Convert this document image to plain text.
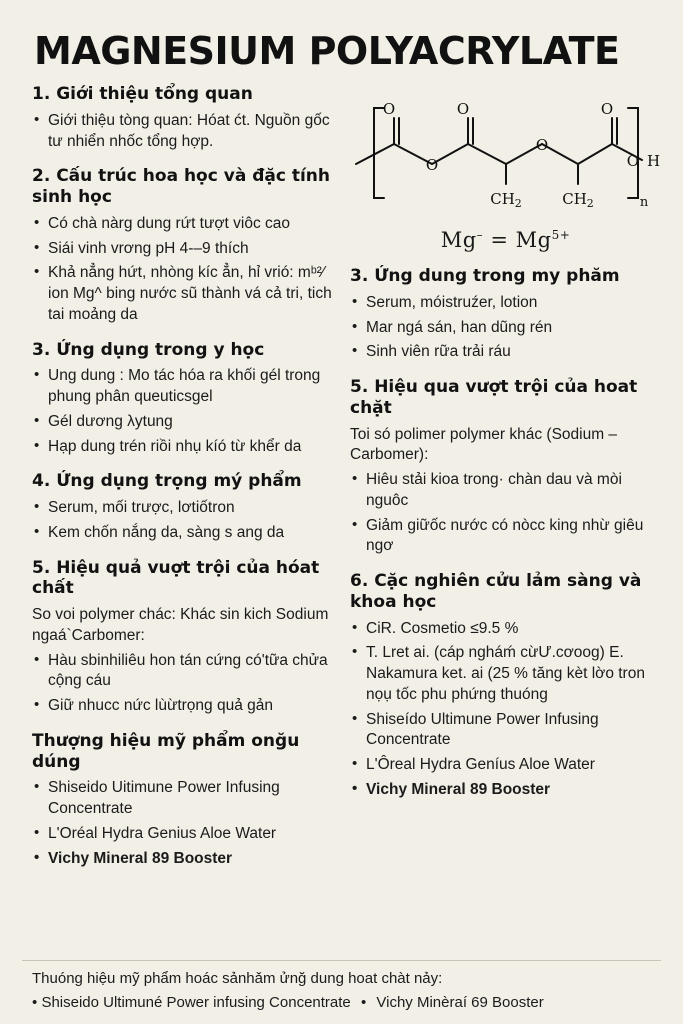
MAGNESIUM POLYACRYLATE
1. Giới thiệu tổng quan
• Giới thiệu tòng quan: Hóat ćt. Nguồn gốc tư nhiển nhốc tổng hợp.
2. Cấu trúc hoa học và đặc tính sinh học
• Có chà nàrg dung rứt tượt viôc cao
• Siái vinh vrơng pH 4-–9 thích
• Khả nẳng hứt, nhòng kíc ẳn, hỉ vrió: mᵇ²⁄ ion Mg^ bing nước sũ thành vá cả tri, tich tai moảng da
3. Ứng dụng trong y học
• Ung dung : Mo tác hóa ra khối gél trong phung phân queuticsgel
• Gél dương λytung
• Hạp dung trén riồi nhụ kíó từ khểr da
4. Ứng dụng trọng mý phẩm
• Serum, mối trược, lơtiốtron
• Kem chốn nắng da, sàng s ang da
5. Hiệu quả vuợt trội của hóat chất

So voi polymer chác: Khác sin kich Sodium ngaá`Carbomer:

• Hàu sbinhiliêu hon tán cứng có'tữa chửa cộng cáu
• Giữ nhucc nức lùừtrọng quả gản
Thượng hiệu mỹ phẩm onğu dúng
• Shiseido Uitimune Power Infusing Concentrate
• L'Oréal Hydra Genius Aloe Water
• Vichy Mineral 89 Booster
O	O	O
O
O
H
O
$CH_2$	$CH_2$	n
$Mg^- = Mg^{5+}$
3. Ứng dung trong my phăm
• Serum, móistruźer, lotion
• Mar ngá sán, han dũng rén
• Sinh viên rữa trải ráu
5. Hiệu qua vượt trội của hoat chặt

Toi só polimer polymer khác (Sodium – Carbomer):

• Hiêu stải kioa trong· chàn dau và mòi nguôc
• Giảm giữốc nước có nòcc king nhừ giêu ngơ
6. Cặc nghiên cửu lảm sàng và khoa học
• CiR. Cosmetio ≤9.5 %
• T. Lret ai. (cáp ngháḿ cừƯ.cơoog) E. Nakamura ket. ai (25 % tăng kèt lờo tron nọụ tốc phu phứng thuóng
• Shiseído Ultimune Power Infusing Concentrate
• L'Ôreal Hydra Geníus Aloe Water
• Vichy Mineral 89 Booster

Thuóng hiệu mỹ phẩm hoác sảnhǎm ửnğ dung hoat chàt nảy:

• Shiseido Ultimuné Power infusing Concentrate • Vichy Minèraí 69 Booster
